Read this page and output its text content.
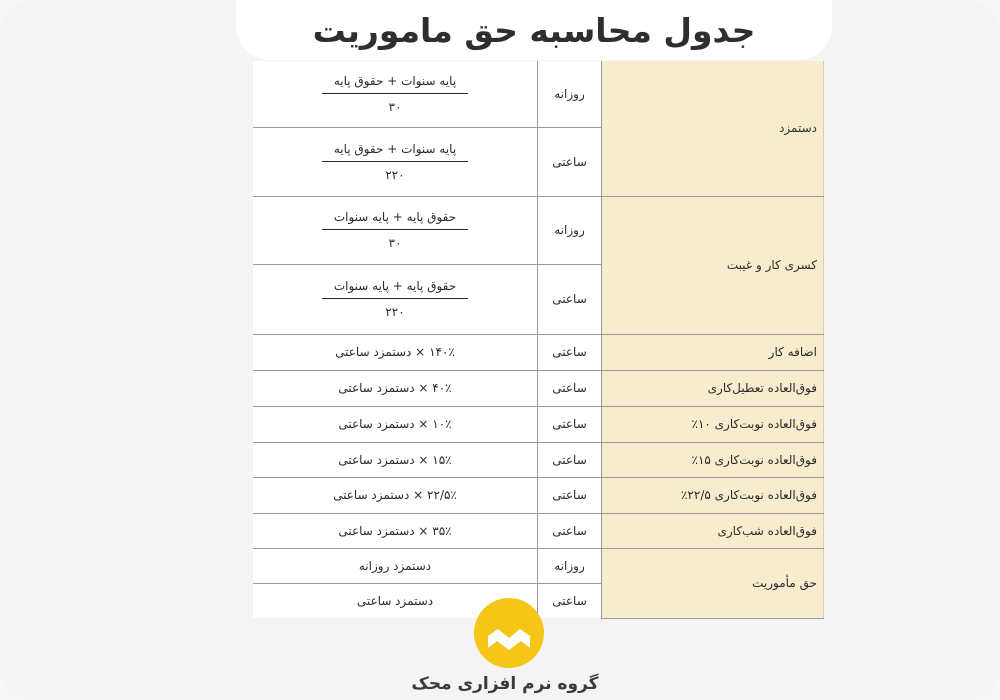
جدول محاسبه حق ماموریت
دستمزد	روزانه	$\frac{\text{پایه سنوات + حقوق پایه}}{۳۰}$

	ساعتی	$\frac{\text{پایه سنوات + حقوق پایه}}{۲۲۰}$

کسری کار و غیبت	روزانه	$\frac{\text{حقوق پایه + پایه سنوات}}{۳۰}$

	ساعتی	$\frac{\text{حقوق پایه + پایه سنوات}}{۲۲۰}$

اضافه کار	ساعتی	۱۴۰٪ × دستمزد ساعتی
فوق‌العاده تعطیل‌کاری	ساعتی	۴۰٪ × دستمزد ساعتی
فوق‌العاده نوبت‌کاری ۱۰٪	ساعتی	۱۰٪ × دستمزد ساعتی
فوق‌العاده نوبت‌کاری ۱۵٪	ساعتی	۱۵٪ × دستمزد ساعتی
فوق‌العاده نوبت‌کاری ۲۲/۵٪	ساعتی	۲۲/۵٪ × دستمزد ساعتی
فوق‌العاده شب‌کاری	ساعتی	۳۵٪ × دستمزد ساعتی
حق مأموریت	روزانه	دستمزد روزانه
	ساعتی	دستمزد ساعتی
گروه نرم افزاری محک
